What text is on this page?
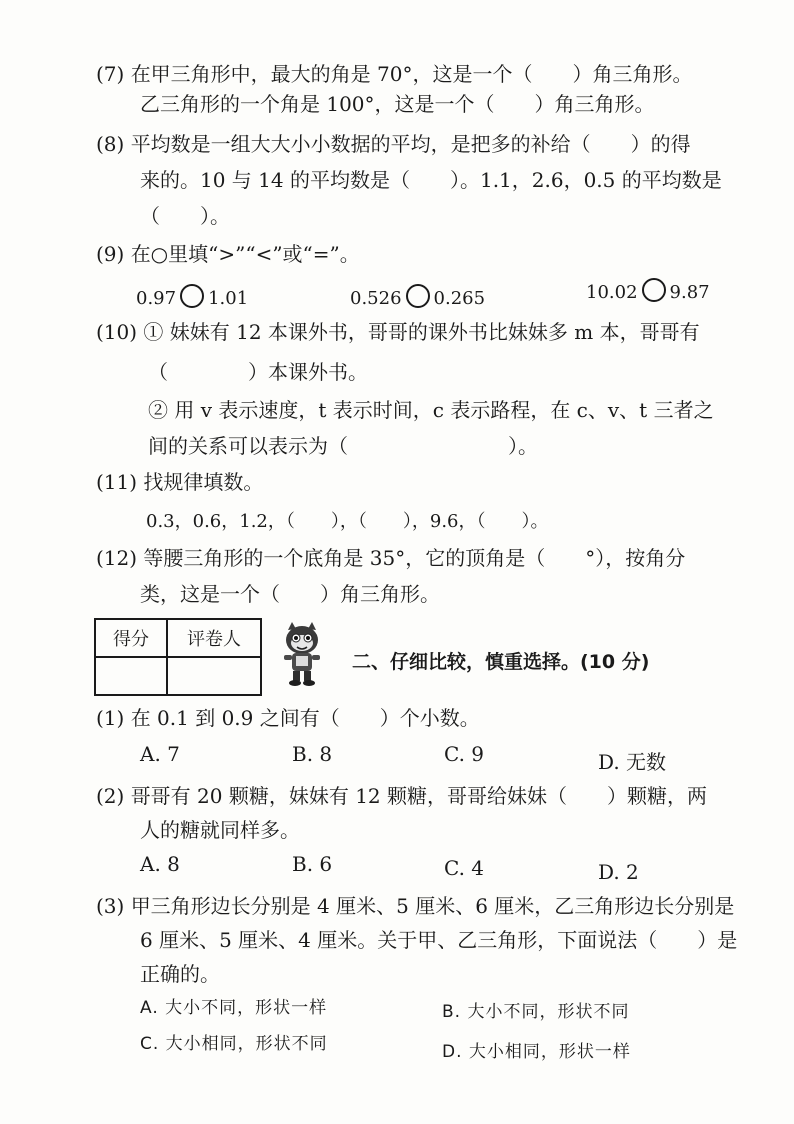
(7) 在甲三角形中，最大的角是 70°，这是一个（　　）角三角形。
乙三角形的一个角是 100°，这是一个（　　）角三角形。
(8) 平均数是一组大大小小数据的平均，是把多的补给（　　）的得
来的。10 与 14 的平均数是（　　）。1.1，2.6，0.5 的平均数是
（　　）。
(9) 在○里填“>”“<”或“=”。
0.97 1.01	0.526 0.265	10.02 9.87
(10) ① 妹妹有 12 本课外书，哥哥的课外书比妹妹多 m 本，哥哥有
（　　　　）本课外书。
② 用 v 表示速度，t 表示时间，c 表示路程，在 c、v、t 三者之
间的关系可以表示为（　　　　　　　　）。
(11) 找规律填数。
0.3，0.6，1.2，（　　），（　　），9.6，（　　）。
(12) 等腰三角形的一个底角是 35°，它的顶角是（　　°），按角分
类，这是一个（　　）角三角形。
得分	评卷人

二、仔细比较，慎重选择。(10 分)
(1) 在 0.1 到 0.9 之间有（　　）个小数。
A. 7	B. 8	C. 9	D. 无数
(2) 哥哥有 20 颗糖，妹妹有 12 颗糖，哥哥给妹妹（　　）颗糖，两
人的糖就同样多。
A. 8	B. 6	C. 4	D. 2
(3) 甲三角形边长分别是 4 厘米、5 厘米、6 厘米，乙三角形边长分别是
6 厘米、5 厘米、4 厘米。关于甲、乙三角形，下面说法（　　）是
正确的。
A. 大小不同，形状一样	B. 大小不同，形状不同
C. 大小相同，形状不同	D. 大小相同，形状一样
